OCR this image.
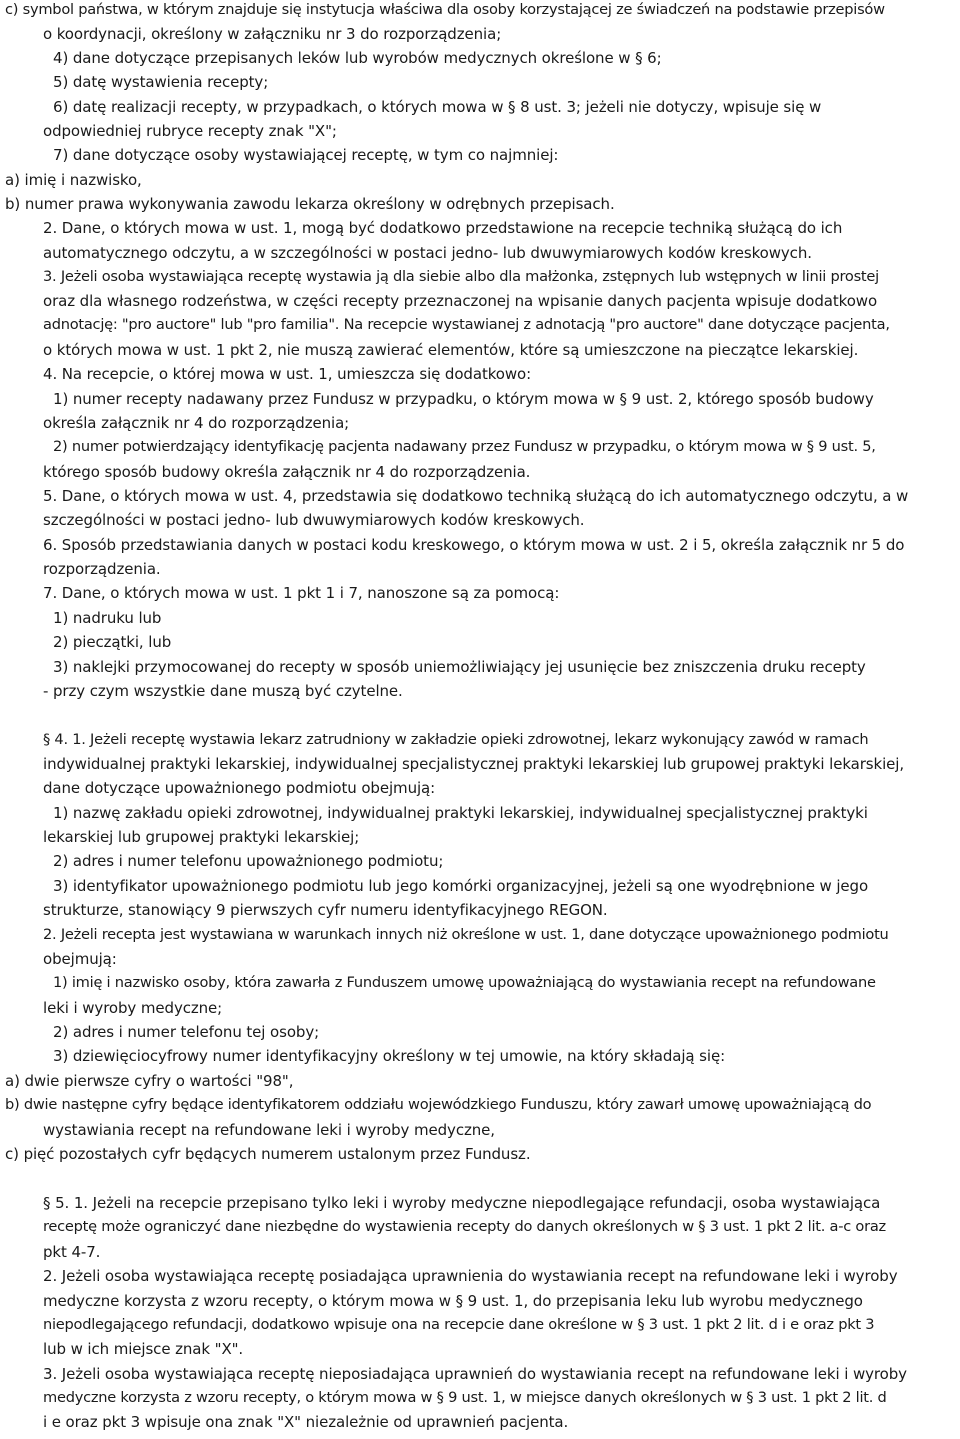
c) symbol państwa, w którym znajduje się instytucja właściwa dla osoby korzystającej ze świadczeń na podstawie przepisów
o koordynacji, określony w załączniku nr 3 do rozporządzenia;
4) dane dotyczące przepisanych leków lub wyrobów medycznych określone w § 6;
5) datę wystawienia recepty;
6) datę realizacji recepty, w przypadkach, o których mowa w § 8 ust. 3; jeżeli nie dotyczy, wpisuje się w
odpowiedniej rubryce recepty znak "X";
7) dane dotyczące osoby wystawiającej receptę, w tym co najmniej:
a) imię i nazwisko,
b) numer prawa wykonywania zawodu lekarza określony w odrębnych przepisach.
2. Dane, o których mowa w ust. 1, mogą być dodatkowo przedstawione na recepcie techniką służącą do ich
automatycznego odczytu, a w szczególności w postaci jedno- lub dwuwymiarowych kodów kreskowych.
3. Jeżeli osoba wystawiająca receptę wystawia ją dla siebie albo dla małżonka, zstępnych lub wstępnych w linii prostej
oraz dla własnego rodzeństwa, w części recepty przeznaczonej na wpisanie danych pacjenta wpisuje dodatkowo
adnotację: "pro auctore" lub "pro familia". Na recepcie wystawianej z adnotacją "pro auctore" dane dotyczące pacjenta,
o których mowa w ust. 1 pkt 2, nie muszą zawierać elementów, które są umieszczone na pieczątce lekarskiej.
4. Na recepcie, o której mowa w ust. 1, umieszcza się dodatkowo:
1) numer recepty nadawany przez Fundusz w przypadku, o którym mowa w § 9 ust. 2, którego sposób budowy
określa załącznik nr 4 do rozporządzenia;
2) numer potwierdzający identyfikację pacjenta nadawany przez Fundusz w przypadku, o którym mowa w § 9 ust. 5,
którego sposób budowy określa załącznik nr 4 do rozporządzenia.
5. Dane, o których mowa w ust. 4, przedstawia się dodatkowo techniką służącą do ich automatycznego odczytu, a w
szczególności w postaci jedno- lub dwuwymiarowych kodów kreskowych.
6. Sposób przedstawiania danych w postaci kodu kreskowego, o którym mowa w ust. 2 i 5, określa załącznik nr 5 do
rozporządzenia.
7. Dane, o których mowa w ust. 1 pkt 1 i 7, nanoszone są za pomocą:
1) nadruku lub
2) pieczątki, lub
3) naklejki przymocowanej do recepty w sposób uniemożliwiający jej usunięcie bez zniszczenia druku recepty
- przy czym wszystkie dane muszą być czytelne.
§ 4. 1. Jeżeli receptę wystawia lekarz zatrudniony w zakładzie opieki zdrowotnej, lekarz wykonujący zawód w ramach
indywidualnej praktyki lekarskiej, indywidualnej specjalistycznej praktyki lekarskiej lub grupowej praktyki lekarskiej,
dane dotyczące upoważnionego podmiotu obejmują:
1) nazwę zakładu opieki zdrowotnej, indywidualnej praktyki lekarskiej, indywidualnej specjalistycznej praktyki
lekarskiej lub grupowej praktyki lekarskiej;
2) adres i numer telefonu upoważnionego podmiotu;
3) identyfikator upoważnionego podmiotu lub jego komórki organizacyjnej, jeżeli są one wyodrębnione w jego
strukturze, stanowiący 9 pierwszych cyfr numeru identyfikacyjnego REGON.
2. Jeżeli recepta jest wystawiana w warunkach innych niż określone w ust. 1, dane dotyczące upoważnionego podmiotu
obejmują:
1) imię i nazwisko osoby, która zawarła z Funduszem umowę upoważniającą do wystawiania recept na refundowane
leki i wyroby medyczne;
2) adres i numer telefonu tej osoby;
3) dziewięciocyfrowy numer identyfikacyjny określony w tej umowie, na który składają się:
a) dwie pierwsze cyfry o wartości "98",
b) dwie następne cyfry będące identyfikatorem oddziału wojewódzkiego Funduszu, który zawarł umowę upoważniającą do
wystawiania recept na refundowane leki i wyroby medyczne,
c) pięć pozostałych cyfr będących numerem ustalonym przez Fundusz.
§ 5. 1. Jeżeli na recepcie przepisano tylko leki i wyroby medyczne niepodlegające refundacji, osoba wystawiająca
receptę może ograniczyć dane niezbędne do wystawienia recepty do danych określonych w § 3 ust. 1 pkt 2 lit. a-c oraz
pkt 4-7.
2. Jeżeli osoba wystawiająca receptę posiadająca uprawnienia do wystawiania recept na refundowane leki i wyroby
medyczne korzysta z wzoru recepty, o którym mowa w § 9 ust. 1, do przepisania leku lub wyrobu medycznego
niepodlegającego refundacji, dodatkowo wpisuje ona na recepcie dane określone w § 3 ust. 1 pkt 2 lit. d i e oraz pkt 3
lub w ich miejsce znak "X".
3. Jeżeli osoba wystawiająca receptę nieposiadająca uprawnień do wystawiania recept na refundowane leki i wyroby
medyczne korzysta z wzoru recepty, o którym mowa w § 9 ust. 1, w miejsce danych określonych w § 3 ust. 1 pkt 2 lit. d
i e oraz pkt 3 wpisuje ona znak "X" niezależnie od uprawnień pacjenta.
